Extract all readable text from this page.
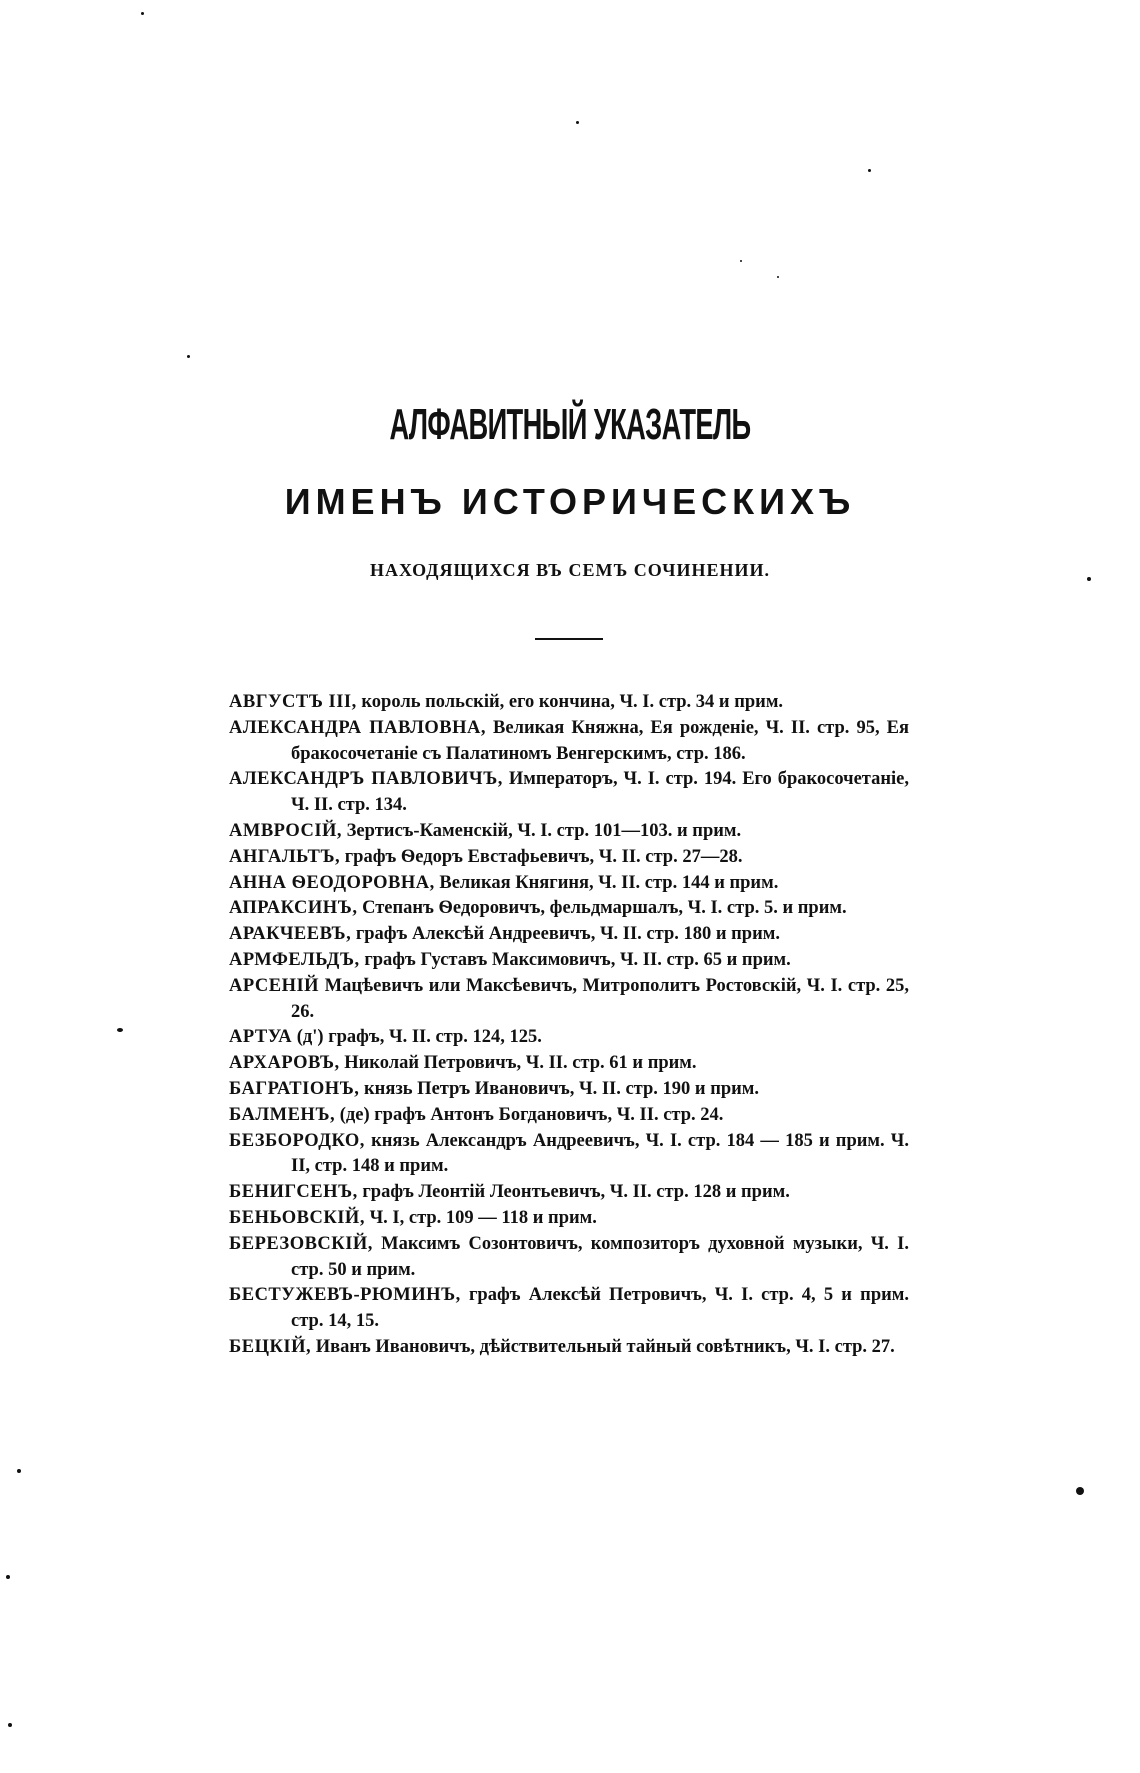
АЛФАВИТНЫЙ УКАЗАТЕЛЬ
ИМЕНЪ ИСТОРИЧЕСКИХЪ
НАХОДЯЩИХСЯ ВЪ СЕМЪ СОЧИНЕНИИ.
АВГУСТЪ III, король польскій, его кончина, Ч. I. стр. 34 и прим.
АЛЕКСАНДРА ПАВЛОВНА, Великая Княжна, Ея рожденіе, Ч. II. стр. 95, Ея бракосочетаніе съ Палатиномъ Венгерскимъ, стр. 186.
АЛЕКСАНДРЪ ПАВЛОВИЧЪ, Императоръ, Ч. I. стр. 194. Его бракосочетаніе, Ч. II. стр. 134.
АМВРОСІЙ, Зертисъ-Каменскій, Ч. I. стр. 101—103. и прим.
АНГАЛЬТЪ, графъ Ѳедоръ Евстафьевичъ, Ч. II. стр. 27—28.
АННА ѲЕОДОРОВНА, Великая Княгиня, Ч. II. стр. 144 и прим.
АПРАКСИНЪ, Степанъ Ѳедоровичъ, фельдмаршалъ, Ч. I. стр. 5. и прим.
АРАКЧЕЕВЪ, графъ Алексѣй Андреевичъ, Ч. II. стр. 180 и прим.
АРМФЕЛЬДЪ, графъ Густавъ Максимовичъ, Ч. II. стр. 65 и прим.
АРСЕНІЙ Мацѣевичъ или Максѣевичъ, Митрополитъ Ростовскій, Ч. I. стр. 25, 26.
АРТУА (д') графъ, Ч. II. стр. 124, 125.
АРХАРОВЪ, Николай Петровичъ, Ч. II. стр. 61 и прим.
БАГРАТІОНЪ, князь Петръ Ивановичъ, Ч. II. стр. 190 и прим.
БАЛМЕНЪ, (де) графъ Антонъ Богдановичъ, Ч. II. стр. 24.
БЕЗБОРОДКО, князь Александръ Андреевичъ, Ч. I. стр. 184 — 185 и прим. Ч. II, стр. 148 и прим.
БЕНИГСЕНЪ, графъ Леонтій Леонтьевичъ, Ч. II. стр. 128 и прим.
БЕНЬОВСКІЙ, Ч. I, стр. 109 — 118 и прим.
БЕРЕЗОВСКІЙ, Максимъ Созонтовичъ, композиторъ духовной музыки, Ч. I. стр. 50 и прим.
БЕСТУЖЕВЪ-РЮМИНЪ, графъ Алексѣй Петровичъ, Ч. I. стр. 4, 5 и прим. стр. 14, 15.
БЕЦКІЙ, Иванъ Ивановичъ, дѣйствительный тайный совѣтникъ, Ч. I. стр. 27.
